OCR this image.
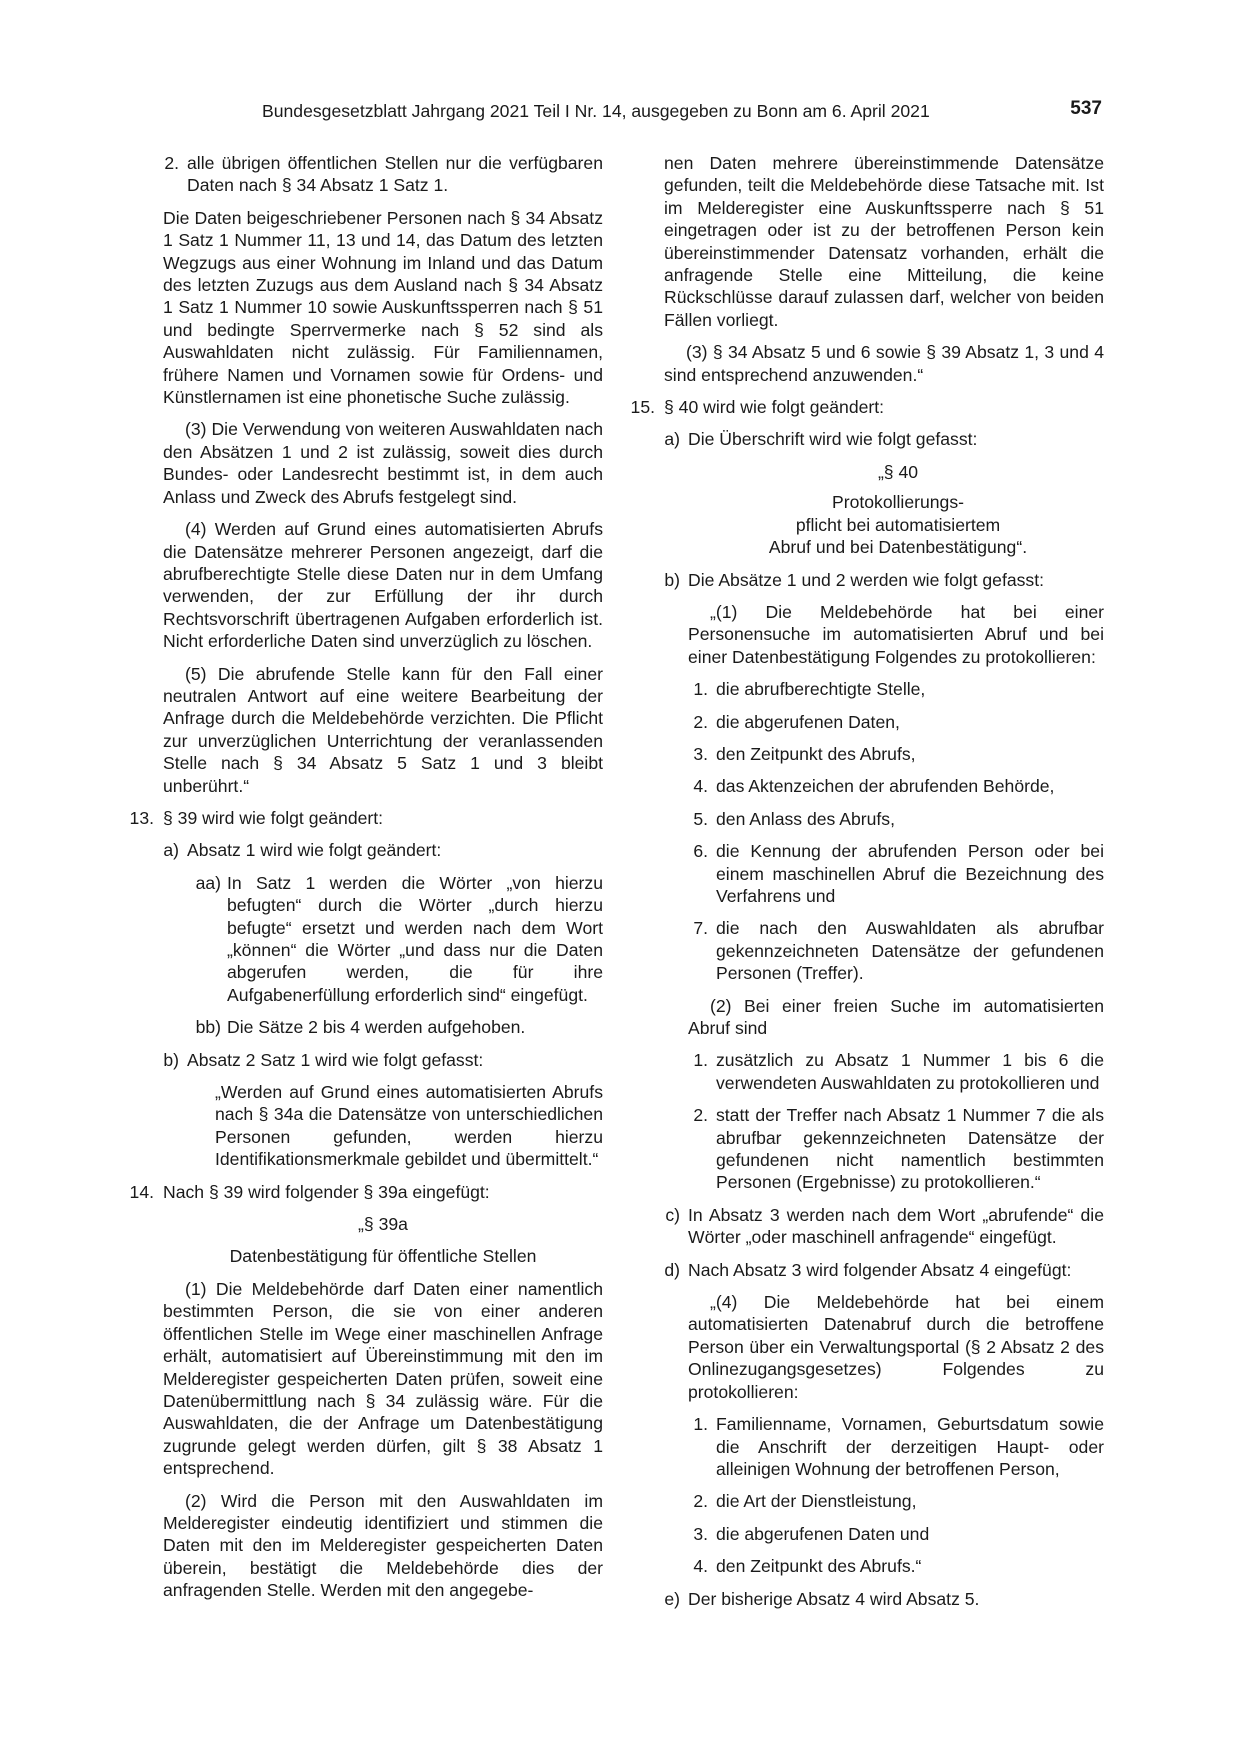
Bundesgesetzblatt Jahrgang 2021 Teil I Nr. 14, ausgegeben zu Bonn am 6. April 2021	537
2. alle übrigen öffentlichen Stellen nur die verfügbaren Daten nach § 34 Absatz 1 Satz 1.

Die Daten beigeschriebener Personen nach § 34 Absatz 1 Satz 1 Nummer 11, 13 und 14, das Datum des letzten Wegzugs aus einer Wohnung im Inland und das Datum des letzten Zuzugs aus dem Ausland nach § 34 Absatz 1 Satz 1 Nummer 10 sowie Auskunftssperren nach § 51 und bedingte Sperrvermerke nach § 52 sind als Auswahldaten nicht zulässig. Für Familiennamen, frühere Namen und Vornamen sowie für Ordens- und Künstlernamen ist eine phonetische Suche zulässig.

(3) Die Verwendung von weiteren Auswahldaten nach den Absätzen 1 und 2 ist zulässig, soweit dies durch Bundes- oder Landesrecht bestimmt ist, in dem auch Anlass und Zweck des Abrufs festgelegt sind.

(4) Werden auf Grund eines automatisierten Abrufs die Datensätze mehrerer Personen angezeigt, darf die abrufberechtigte Stelle diese Daten nur in dem Umfang verwenden, der zur Erfüllung der ihr durch Rechtsvorschrift übertragenen Aufgaben erforderlich ist. Nicht erforderliche Daten sind unverzüglich zu löschen.

(5) Die abrufende Stelle kann für den Fall einer neutralen Antwort auf eine weitere Bearbeitung der Anfrage durch die Meldebehörde verzichten. Die Pflicht zur unverzüglichen Unterrichtung der veranlassenden Stelle nach § 34 Absatz 5 Satz 1 und 3 bleibt unberührt.“

13. § 39 wird wie folgt geändert:
a) Absatz 1 wird wie folgt geändert:
aa) In Satz 1 werden die Wörter „von hierzu befugten“ durch die Wörter „durch hierzu befugte“ ersetzt und werden nach dem Wort „können“ die Wörter „und dass nur die Daten abgerufen werden, die für ihre Aufgabenerfüllung erforderlich sind“ eingefügt.
bb) Die Sätze 2 bis 4 werden aufgehoben.
b) Absatz 2 Satz 1 wird wie folgt gefasst:

„Werden auf Grund eines automatisierten Abrufs nach § 34a die Datensätze von unterschiedlichen Personen gefunden, werden hierzu Identifikationsmerkmale gebildet und übermittelt.“

14. Nach § 39 wird folgender § 39a eingefügt:

„§ 39a

Datenbestätigung für öffentliche Stellen

(1) Die Meldebehörde darf Daten einer namentlich bestimmten Person, die sie von einer anderen öffentlichen Stelle im Wege einer maschinellen Anfrage erhält, automatisiert auf Übereinstimmung mit den im Melderegister gespeicherten Daten prüfen, soweit eine Datenübermittlung nach § 34 zulässig wäre. Für die Auswahldaten, die der Anfrage um Datenbestätigung zugrunde gelegt werden dürfen, gilt § 38 Absatz 1 entsprechend.

(2) Wird die Person mit den Auswahldaten im Melderegister eindeutig identifiziert und stimmen die Daten mit den im Melderegister gespeicherten Daten überein, bestätigt die Meldebehörde dies der anfragenden Stelle. Werden mit den angegebe-

nen Daten mehrere übereinstimmende Datensätze gefunden, teilt die Meldebehörde diese Tatsache mit. Ist im Melderegister eine Auskunftssperre nach § 51 eingetragen oder ist zu der betroffenen Person kein übereinstimmender Datensatz vorhanden, erhält die anfragende Stelle eine Mitteilung, die keine Rückschlüsse darauf zulassen darf, welcher von beiden Fällen vorliegt.

(3) § 34 Absatz 5 und 6 sowie § 39 Absatz 1, 3 und 4 sind entsprechend anzuwenden.“

15. § 40 wird wie folgt geändert:
a) Die Überschrift wird wie folgt gefasst:
„§ 40
Protokollierungs-
pflicht bei automatisiertem
Abruf und bei Datenbestätigung“.
b) Die Absätze 1 und 2 werden wie folgt gefasst:

„(1) Die Meldebehörde hat bei einer Personensuche im automatisierten Abruf und bei einer Datenbestätigung Folgendes zu protokollieren:

1. die abrufberechtigte Stelle,
2. die abgerufenen Daten,
3. den Zeitpunkt des Abrufs,
4. das Aktenzeichen der abrufenden Behörde,
5. den Anlass des Abrufs,
6. die Kennung der abrufenden Person oder bei einem maschinellen Abruf die Bezeichnung des Verfahrens und
7. die nach den Auswahldaten als abrufbar gekennzeichneten Datensätze der gefundenen Personen (Treffer).

(2) Bei einer freien Suche im automatisierten Abruf sind

1. zusätzlich zu Absatz 1 Nummer 1 bis 6 die verwendeten Auswahldaten zu protokollieren und
2. statt der Treffer nach Absatz 1 Nummer 7 die als abrufbar gekennzeichneten Datensätze der gefundenen nicht namentlich bestimmten Personen (Ergebnisse) zu protokollieren.“
c) In Absatz 3 werden nach dem Wort „abrufende“ die Wörter „oder maschinell anfragende“ eingefügt.
d) Nach Absatz 3 wird folgender Absatz 4 eingefügt:

„(4) Die Meldebehörde hat bei einem automatisierten Datenabruf durch die betroffene Person über ein Verwaltungsportal (§ 2 Absatz 2 des Onlinezugangsgesetzes) Folgendes zu protokollieren:

1. Familienname, Vornamen, Geburtsdatum sowie die Anschrift der derzeitigen Haupt- oder alleinigen Wohnung der betroffenen Person,
2. die Art der Dienstleistung,
3. die abgerufenen Daten und
4. den Zeitpunkt des Abrufs.“
e) Der bisherige Absatz 4 wird Absatz 5.
